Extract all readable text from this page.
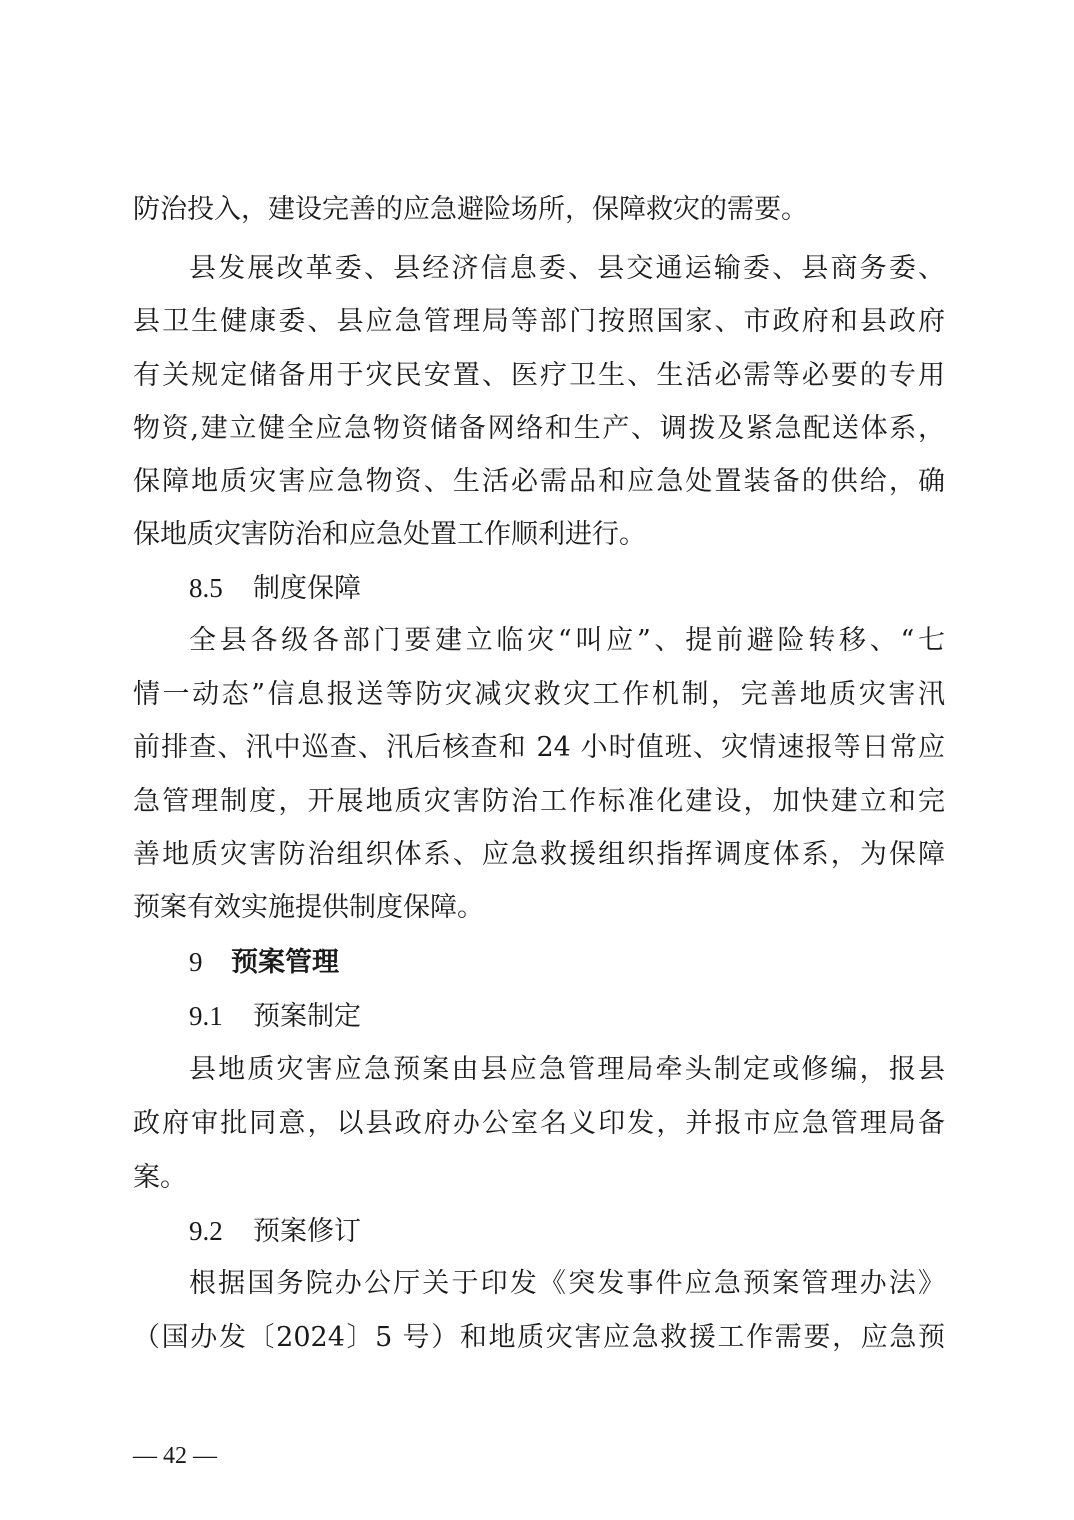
防治投入，建设完善的应急避险场所，保障救灾的需要。
县发展改革委、县经济信息委、县交通运输委、县商务委、
县卫生健康委、县应急管理局等部门按照国家、市政府和县政府
有关规定储备用于灾民安置、医疗卫生、生活必需等必要的专用
物资,建立健全应急物资储备网络和生产、调拨及紧急配送体系，
保障地质灾害应急物资、生活必需品和应急处置装备的供给，确
保地质灾害防治和应急处置工作顺利进行。
8.5 制度保障
全县各级各部门要建立临灾“叫应”、提前避险转移、“七
情一动态”信息报送等防灾减灾救灾工作机制，完善地质灾害汛
前排查、汛中巡查、汛后核查和 24 小时值班、灾情速报等日常应
急管理制度，开展地质灾害防治工作标准化建设，加快建立和完
善地质灾害防治组织体系、应急救援组织指挥调度体系，为保障
预案有效实施提供制度保障。
9 预案管理
9.1 预案制定
县地质灾害应急预案由县应急管理局牵头制定或修编，报县
政府审批同意，以县政府办公室名义印发，并报市应急管理局备
案。
9.2 预案修订
根据国务院办公厅关于印发《突发事件应急预案管理办法》
（国办发〔2024〕5 号）和地质灾害应急救援工作需要，应急预
— 42 —
